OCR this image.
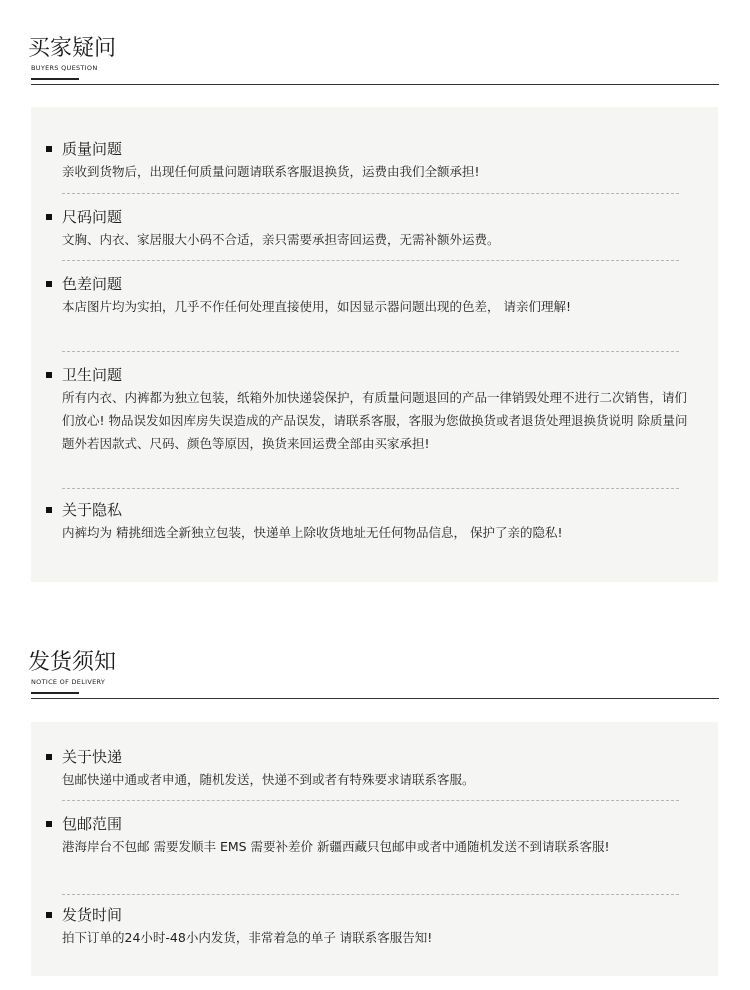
买家疑问
BUYERS QUESTION
质量问题
亲收到货物后，出现任何质量问题请联系客服退换货，运费由我们全额承担!
尺码问题
文胸、内衣、家居服大小码不合适，亲只需要承担寄回运费，无需补额外运费。
色差问题
本店图片均为实拍，几乎不作任何处理直接使用，如因显示器问题出现的色差， 请亲们理解!
卫生问题
所有内衣、内裤都为独立包装，纸箱外加快递袋保护，有质量问题退回的产品一律销毁处理不进行二次销售，请们们放心! 物品误发如因库房失误造成的产品误发，请联系客服，客服为您做换货或者退货处理退换货说明 除质量问题外若因款式、尺码、颜色等原因，换货来回运费全部由买家承担!
关于隐私
内裤均为 精挑细选全新独立包装，快递单上除收货地址无任何物品信息， 保护了亲的隐私!
发货须知
NOTICE OF DELIVERY
关于快递
包邮快递中通或者申通，随机发送，快递不到或者有特殊要求请联系客服。
包邮范围
港海岸台不包邮 需要发顺丰 EMS 需要补差价 新疆西藏只包邮申或者中通随机发送不到请联系客服!
发货时间
拍下订单的24小时-48小内发货，非常着急的单子 请联系客服告知!
